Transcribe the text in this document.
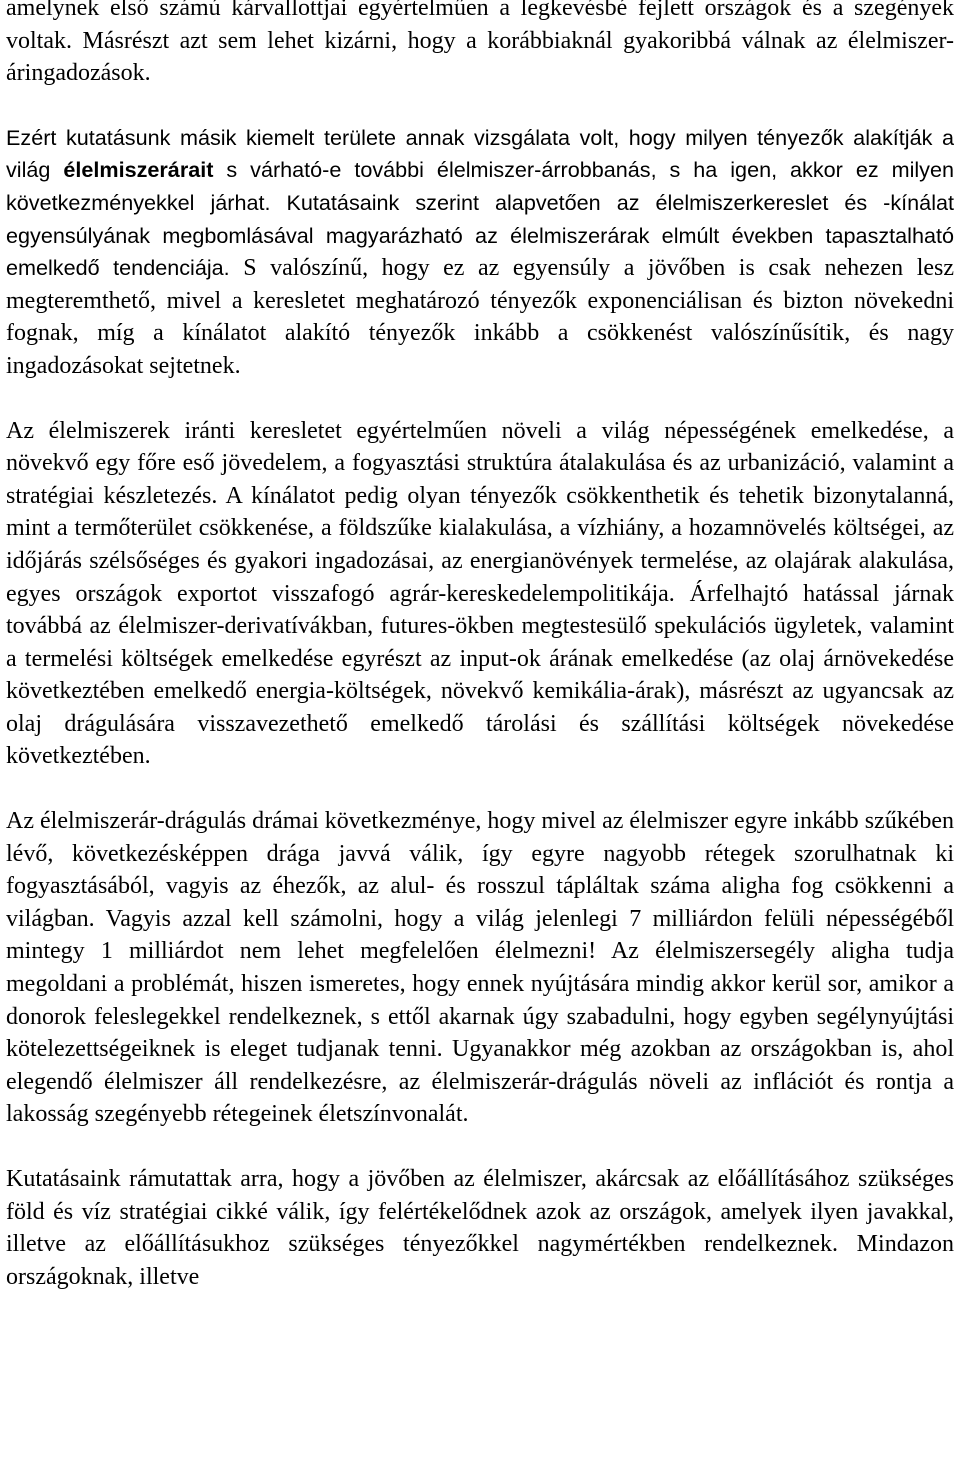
amelynek első számú kárvallottjai egyértelműen a legkevésbé fejlett országok és a szegények voltak. Másrészt azt sem lehet kizárni, hogy a korábbiaknál gyakoribbá válnak az élelmiszer-áringadozások.

Ezért kutatásunk másik kiemelt területe annak vizsgálata volt, hogy milyen tényezők alakítják a világ élelmiszerárait s várható-e további élelmiszer-árrobbanás, s ha igen, akkor ez milyen következményekkel járhat. Kutatásaink szerint alapvetően az élelmiszerkereslet és -kínálat egyensúlyának megbomlásával magyarázható az élelmiszerárak elmúlt években tapasztalható emelkedő tendenciája. S valószínű, hogy ez az egyensúly a jövőben is csak nehezen lesz megteremthető, mivel a keresletet meghatározó tényezők exponenciálisan és bizton növekedni fognak, míg a kínálatot alakító tényezők inkább a csökkenést valószínűsítik, és nagy ingadozásokat sejtetnek.

Az élelmiszerek iránti keresletet egyértelműen növeli a világ népességének emelkedése, a növekvő egy főre eső jövedelem, a fogyasztási struktúra átalakulása és az urbanizáció, valamint a stratégiai készletezés. A kínálatot pedig olyan tényezők csökkenthetik és tehetik bizonytalanná, mint a termőterület csökkenése, a földszűke kialakulása, a vízhiány, a hozamnövelés költségei, az időjárás szélsőséges és gyakori ingadozásai, az energianövények termelése, az olajárak alakulása, egyes országok exportot visszafogó agrár-kereskedelempolitikája. Árfelhajtó hatással járnak továbbá az élelmiszer-derivatívákban, futures-ökben megtestesülő spekulációs ügyletek, valamint a termelési költségek emelkedése egyrészt az input-ok árának emelkedése (az olaj árnövekedése következtében emelkedő energia-költségek, növekvő kemikália-árak), másrészt az ugyancsak az olaj drágulására visszavezethető emelkedő tárolási és szállítási költségek növekedése következtében.

Az élelmiszerár-drágulás drámai következménye, hogy mivel az élelmiszer egyre inkább szűkében lévő, következésképpen drága javvá válik, így egyre nagyobb rétegek szorulhatnak ki fogyasztásából, vagyis az éhezők, az alul- és rosszul tápláltak száma aligha fog csökkenni a világban. Vagyis azzal kell számolni, hogy a világ jelenlegi 7 milliárdon felüli népességéből mintegy 1 milliárdot nem lehet megfelelően élelmezni! Az élelmiszersegély aligha tudja megoldani a problémát, hiszen ismeretes, hogy ennek nyújtására mindig akkor kerül sor, amikor a donorok feleslegekkel rendelkeznek, s ettől akarnak úgy szabadulni, hogy egyben segélynyújtási kötelezettségeiknek is eleget tudjanak tenni. Ugyanakkor még azokban az országokban is, ahol elegendő élelmiszer áll rendelkezésre, az élelmiszerár-drágulás növeli az inflációt és rontja a lakosság szegényebb rétegeinek életszínvonalát.

Kutatásaink rámutattak arra, hogy a jövőben az élelmiszer, akárcsak az előállításához szükséges föld és víz stratégiai cikké válik, így felértékelődnek azok az országok, amelyek ilyen javakkal, illetve az előállításukhoz szükséges tényezőkkel nagymértékben rendelkeznek. Mindazon országoknak, illetve
